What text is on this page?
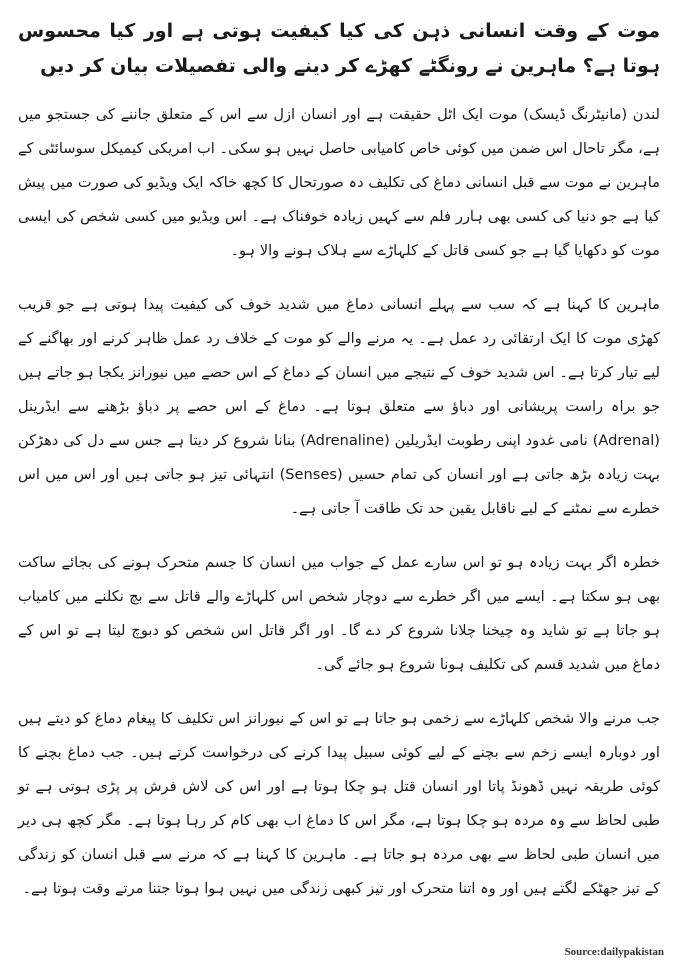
موت کے وقت انسانی ذہن کی کیا کیفیت ہوتی ہے اور کیا محسوس ہوتا ہے؟ ماہرین نے رونگٹے کھڑے کر دینے والی تفصیلات بیان کر دیں

لندن (مانیٹرنگ ڈیسک) موت ایک اٹل حقیقت ہے اور انسان ازل سے اس کے متعلق جاننے کی جستجو میں ہے، مگر تاحال اس ضمن میں کوئی خاص کامیابی حاصل نہیں ہو سکی۔ اب امریکی کیمیکل سوسائٹی کے ماہرین نے موت سے قبل انسانی دماغ کی تکلیف دہ صورتحال کا کچھ خاکہ ایک ویڈیو کی صورت میں پیش کیا ہے جو دنیا کی کسی بھی ہارر فلم سے کہیں زیادہ خوفناک ہے۔ اس ویڈیو میں کسی شخص کی ایسی موت کو دکھایا گیا ہے جو کسی قاتل کے کلہاڑے سے ہلاک ہونے والا ہو۔

ماہرین کا کہنا ہے کہ سب سے پہلے انسانی دماغ میں شدید خوف کی کیفیت پیدا ہوتی ہے جو قریب کھڑی موت کا ایک ارتقائی رد عمل ہے۔ یہ مرنے والے کو موت کے خلاف رد عمل ظاہر کرنے اور بھاگنے کے لیے تیار کرتا ہے۔ اس شدید خوف کے نتیجے میں انسان کے دماغ کے اس حصے میں نیورانز یکجا ہو جاتے ہیں جو براہ راست پریشانی اور دباؤ سے متعلق ہوتا ہے۔ دماغ کے اس حصے پر دباؤ بڑھنے سے ایڈرینل (Adrenal) نامی غدود اپنی رطوبت ایڈریلین (Adrenaline) بنانا شروع کر دیتا ہے جس سے دل کی دھڑکن بہت زیادہ بڑھ جاتی ہے اور انسان کی تمام حسیں (Senses) انتہائی تیز ہو جاتی ہیں اور اس میں اس خطرے سے نمٹنے کے لیے ناقابل یقین حد تک طاقت آ جاتی ہے۔

خطرہ اگر بہت زیادہ ہو تو اس سارے عمل کے جواب میں انسان کا جسم متحرک ہونے کی بجائے ساکت بھی ہو سکتا ہے۔ ایسے میں اگر خطرے سے دوچار شخص اس کلہاڑے والے قاتل سے بچ نکلنے میں کامیاب ہو جاتا ہے تو شاید وہ چیخنا چلانا شروع کر دے گا۔ اور اگر قاتل اس شخص کو دبوچ لیتا ہے تو اس کے دماغ میں شدید قسم کی تکلیف ہونا شروع ہو جائے گی۔

جب مرنے والا شخص کلہاڑے سے زخمی ہو جاتا ہے تو اس کے نیورانز اس تکلیف کا پیغام دماغ کو دیتے ہیں اور دوبارہ ایسے زخم سے بچنے کے لیے کوئی سبیل پیدا کرنے کی درخواست کرتے ہیں۔ جب دماغ بچنے کا کوئی طریقہ نہیں ڈھونڈ پاتا اور انسان قتل ہو چکا ہوتا ہے اور اس کی لاش فرش پر پڑی ہوتی ہے تو طبی لحاظ سے وہ مردہ ہو چکا ہوتا ہے، مگر اس کا دماغ اب بھی کام کر رہا ہوتا ہے۔ مگر کچھ ہی دیر میں انسان طبی لحاظ سے بھی مردہ ہو جاتا ہے۔ ماہرین کا کہنا ہے کہ مرنے سے قبل انسان کو زندگی کے تیز جھٹکے لگتے ہیں اور وہ اتنا متحرک اور تیز کبھی زندگی میں نہیں ہوا ہوتا جتنا مرتے وقت ہوتا ہے۔

Source:dailypakistan
